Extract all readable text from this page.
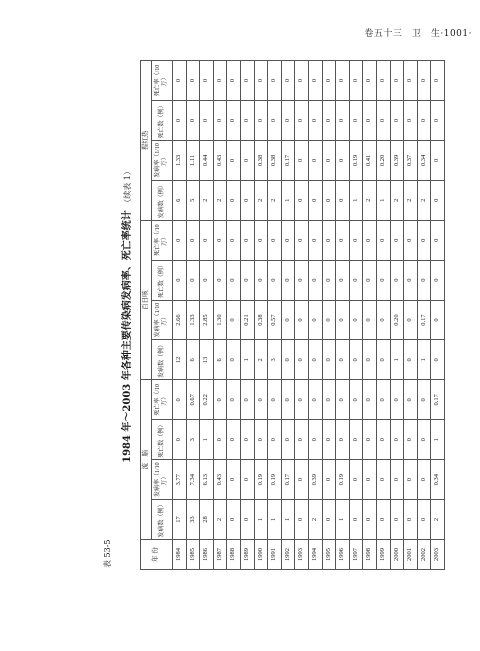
卷五十三　卫　生·1001·
表 53-5
1984 年～2003 年各种主要传染病发病率、死亡率统计 （续表 1）
年 份	流　脑				百日咳				猩红热			
	发病数（例）	发病率（1/10 万）	死亡数（例）	死亡率（/10 万）	发病数（例）	发病率（1/10 万）	死亡数（例）	死亡率（/10 万）	发病数（例）	发病率（1/10 万）	死亡数（例）	死亡率（/10 万）
1984	17	3.77	0	0	12	2.66	0	0	6	1.33	0	0
1985	33	7.34	3	0.67	6	1.33	0	0	5	1.11	0	0
1986	28	6.13	1	0.22	13	2.85	0	0	2	0.44	0	0
1987	2	0.43	0	0	6	1.30	0	0	2	0.43	0	0
1988	0	0	0	0	0	0	0	0	0	0	0	0
1989	0	0	0	0	1	0.21	0	0	0	0	0	0
1990	1	0.19	0	0	2	0.38	0	0	2	0.38	0	0
1991	1	0.19	0	0	3	0.57	0	0	2	0.38	0	0
1992	1	0.17	0	0	0	0	0	0	1	0.17	0	0
1993	0	0	0	0	0	0	0	0	0	0	0	0
1994	2	0.39	0	0	0	0	0	0	0	0	0	0
1995	0	0	0	0	0	0	0	0	0	0	0	0
1996	1	0.19	0	0	0	0	0	0	0	0	0	0
1997	0	0	0	0	0	0	0	0	1	0.19	0	0
1998	0	0	0	0	0	0	0	0	2	0.41	0	0
1999	0	0	0	0	0	0	0	0	1	0.20	0	0
2000	0	0	0	0	1	0.20	0	0	2	0.39	0	0
2001	0	0	0	0	0	0	0	0	2	0.37	0	0
2002	0	0	0	0	1	0.17	0	0	2	0.34	0	0
2003	2	0.34	1	0.17	0	0	0	0	0	0	0	0
